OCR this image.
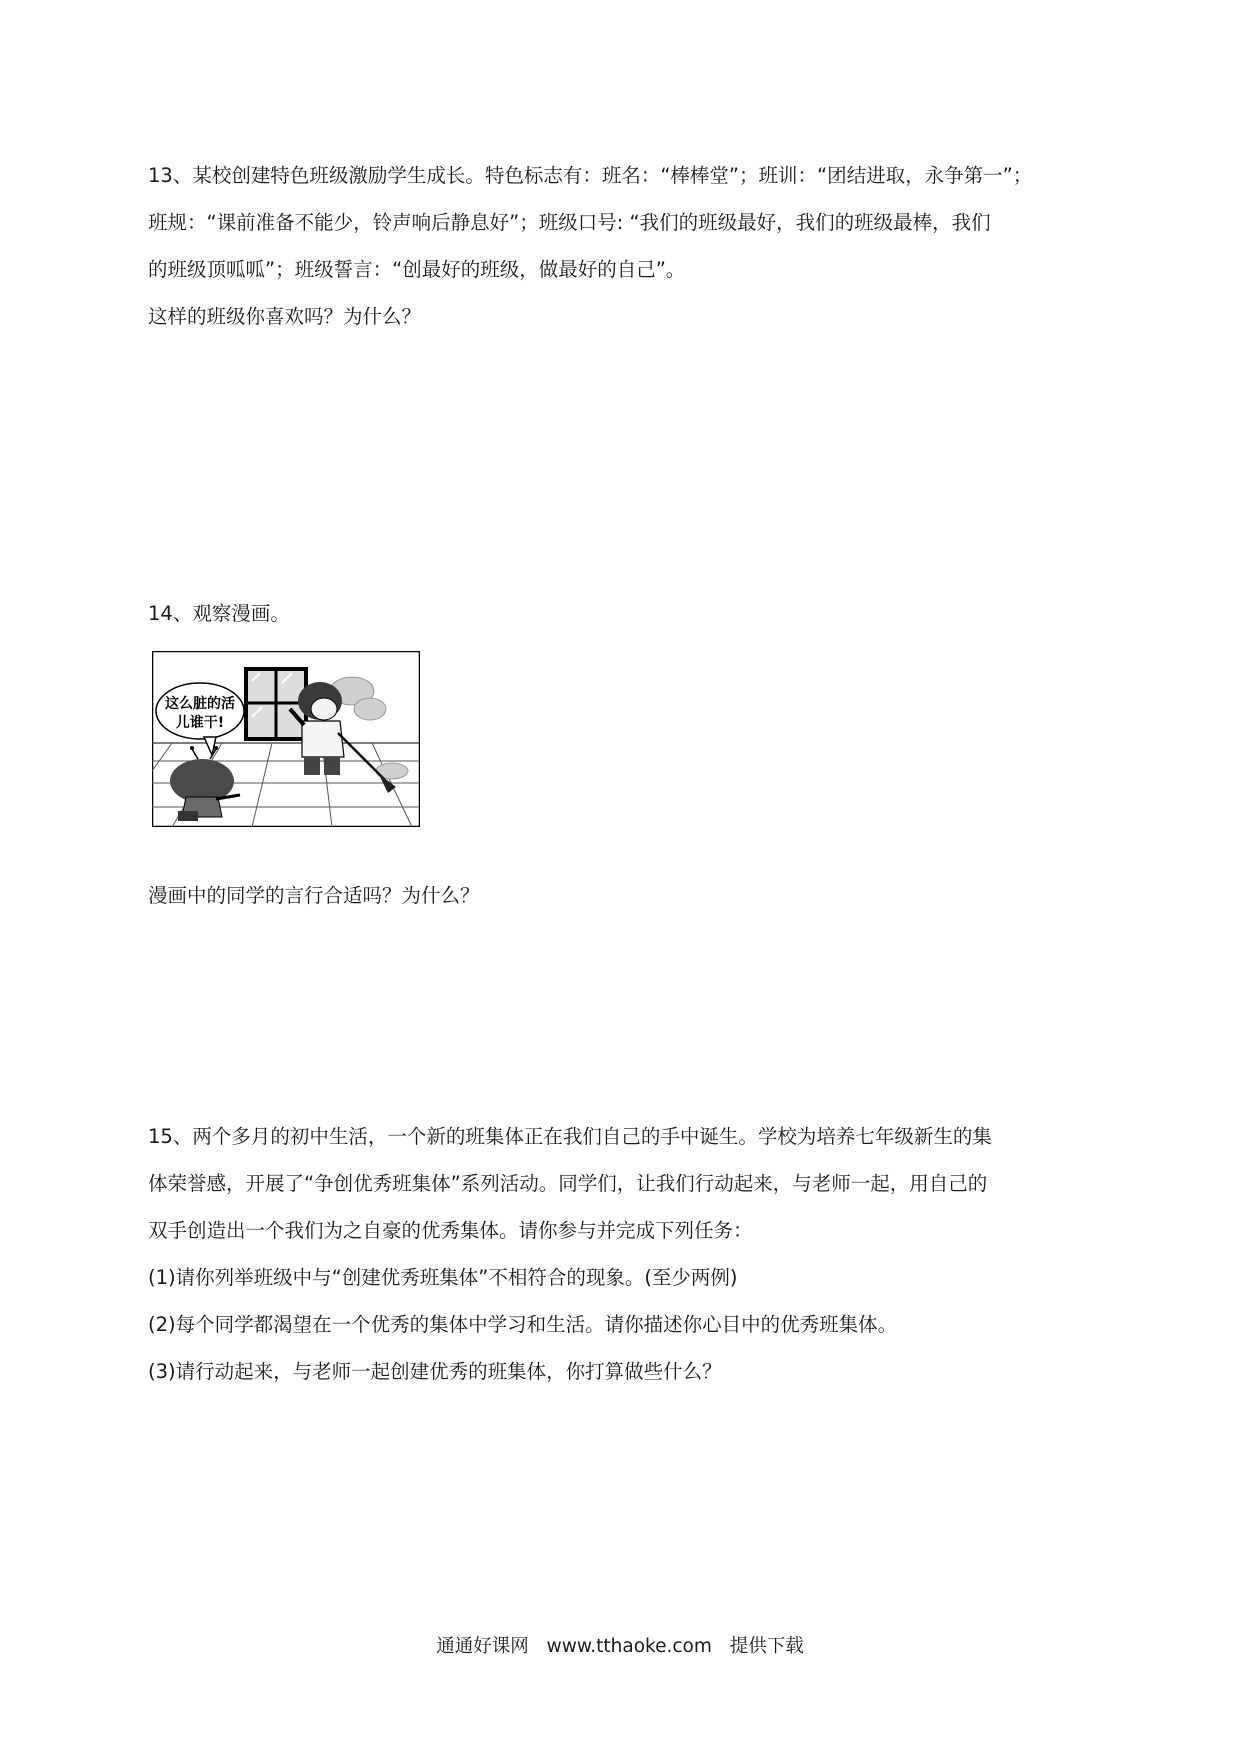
13、某校创建特色班级激励学生成长。特色标志有：班名：“棒棒堂”；班训：“团结进取，永争第一”；
班规：“课前准备不能少，铃声响后静息好”；班级口号: “我们的班级最好，我们的班级最棒，我们
的班级顶呱呱”；班级誓言：“创最好的班级，做最好的自己”。
这样的班级你喜欢吗？为什么？
14、观察漫画。
这么脏的活
儿谁干!
漫画中的同学的言行合适吗？为什么？
15、两个多月的初中生活，一个新的班集体正在我们自己的手中诞生。学校为培养七年级新生的集
体荣誉感，开展了“争创优秀班集体”系列活动。同学们，让我们行动起来，与老师一起，用自己的
双手创造出一个我们为之自豪的优秀集体。请你参与并完成下列任务：
(1)请你列举班级中与“创建优秀班集体”不相符合的现象。(至少两例)
(2)每个同学都渴望在一个优秀的集体中学习和生活。请你描述你心目中的优秀班集体。
(3)请行动起来，与老师一起创建优秀的班集体，你打算做些什么？
通通好课网 www.tthaoke.com 提供下载
